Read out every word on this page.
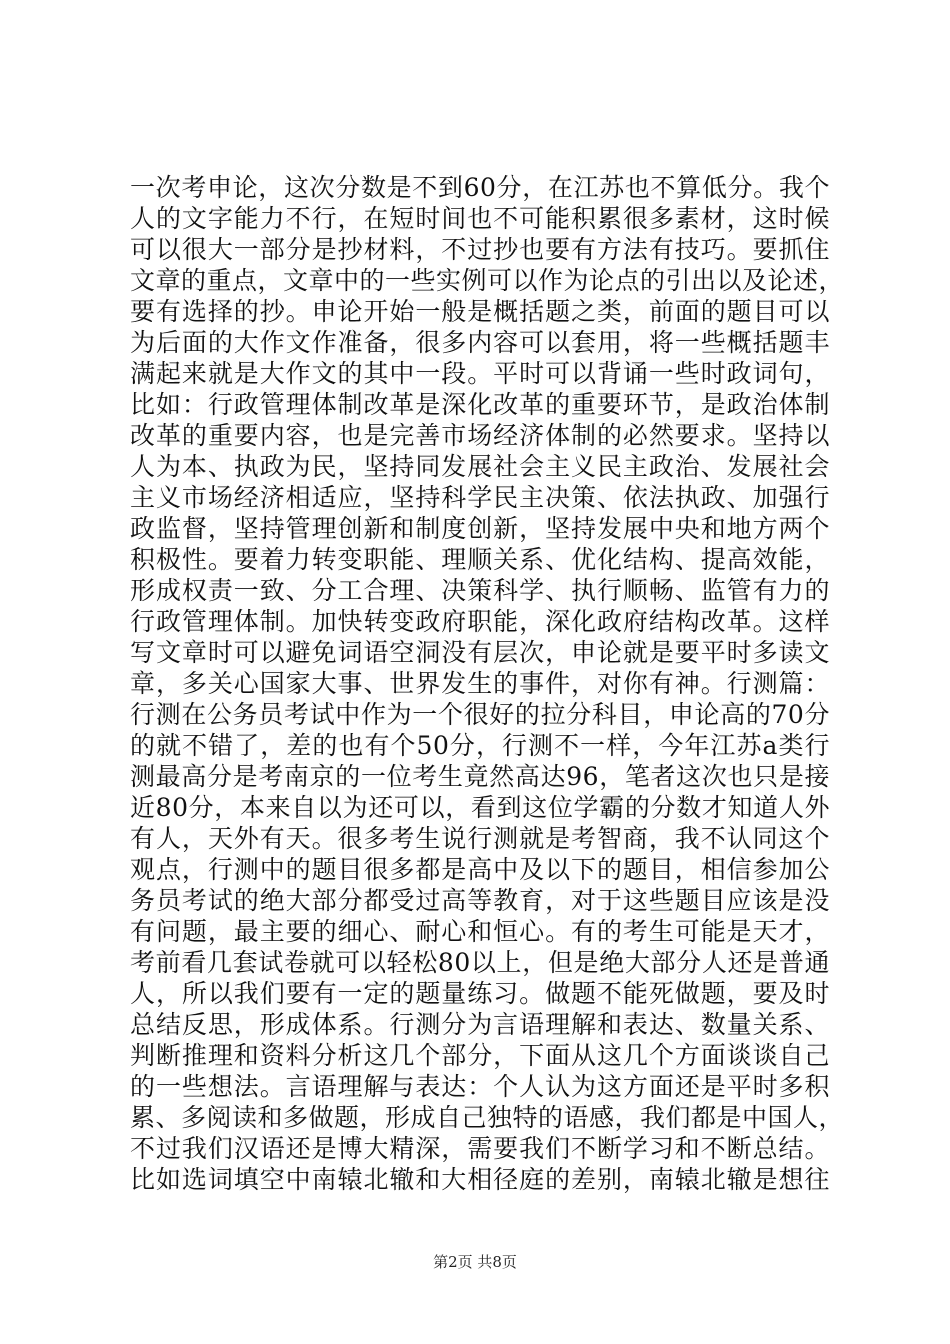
一次考申论，这次分数是不到60分，在江苏也不算低分。我个
人的文字能力不行，在短时间也不可能积累很多素材，这时候
可以很大一部分是抄材料，不过抄也要有方法有技巧。要抓住
文章的重点，文章中的一些实例可以作为论点的引出以及论述，
要有选择的抄。申论开始一般是概括题之类，前面的题目可以
为后面的大作文作准备，很多内容可以套用，将一些概括题丰
满起来就是大作文的其中一段。平时可以背诵一些时政词句，
比如：行政管理体制改革是深化改革的重要环节，是政治体制
改革的重要内容，也是完善市场经济体制的必然要求。坚持以
人为本、执政为民，坚持同发展社会主义民主政治、发展社会
主义市场经济相适应，坚持科学民主决策、依法执政、加强行
政监督，坚持管理创新和制度创新，坚持发展中央和地方两个
积极性。要着力转变职能、理顺关系、优化结构、提高效能，
形成权责一致、分工合理、决策科学、执行顺畅、监管有力的
行政管理体制。加快转变政府职能，深化政府结构改革。这样
写文章时可以避免词语空洞没有层次，申论就是要平时多读文
章，多关心国家大事、世界发生的事件，对你有神。行测篇：
行测在公务员考试中作为一个很好的拉分科目，申论高的70分
的就不错了，差的也有个50分，行测不一样，今年江苏a类行
测最高分是考南京的一位考生竟然高达96，笔者这次也只是接
近80分，本来自以为还可以，看到这位学霸的分数才知道人外
有人，天外有天。很多考生说行测就是考智商，我不认同这个
观点，行测中的题目很多都是高中及以下的题目，相信参加公
务员考试的绝大部分都受过高等教育，对于这些题目应该是没
有问题，最主要的细心、耐心和恒心。有的考生可能是天才，
考前看几套试卷就可以轻松80以上，但是绝大部分人还是普通
人，所以我们要有一定的题量练习。做题不能死做题，要及时
总结反思，形成体系。行测分为言语理解和表达、数量关系、
判断推理和资料分析这几个部分，下面从这几个方面谈谈自己
的一些想法。言语理解与表达：个人认为这方面还是平时多积
累、多阅读和多做题，形成自己独特的语感，我们都是中国人，
不过我们汉语还是博大精深，需要我们不断学习和不断总结。
比如选词填空中南辕北辙和大相径庭的差别，南辕北辙是想往
第2页 共8页
